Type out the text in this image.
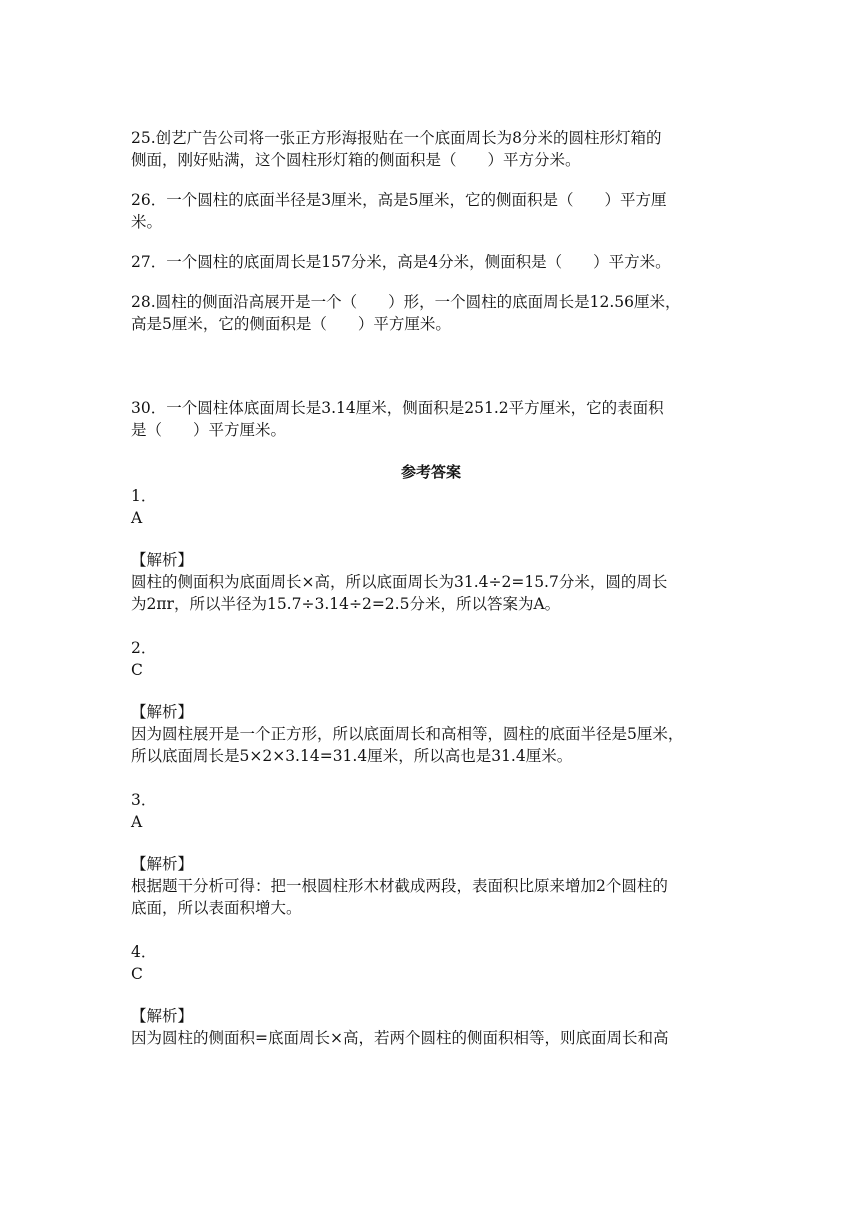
25.创艺广告公司将一张正方形海报贴在一个底面周长为8分米的圆柱形灯箱的
侧面，刚好贴满，这个圆柱形灯箱的侧面积是（　　）平方分米。
26．一个圆柱的底面半径是3厘米，高是5厘米，它的侧面积是（　　）平方厘
米。
27．一个圆柱的底面周长是157分米，高是4分米，侧面积是（　　）平方米。
28.圆柱的侧面沿高展开是一个（　　）形，一个圆柱的底面周长是12.56厘米，
高是5厘米，它的侧面积是（　　）平方厘米。
30．一个圆柱体底面周长是3.14厘米，侧面积是251.2平方厘米，它的表面积
是（　　）平方厘米。
参考答案
1．
A
【解析】
圆柱的侧面积为底面周长×高，所以底面周长为31.4÷2=15.7分米，圆的周长
为2πr，所以半径为15.7÷3.14÷2=2.5分米，所以答案为A。
2．
C
【解析】
因为圆柱展开是一个正方形，所以底面周长和高相等，圆柱的底面半径是5厘米，
所以底面周长是5×2×3.14=31.4厘米，所以高也是31.4厘米。
3．
A
【解析】
根据题干分析可得：把一根圆柱形木材截成两段，表面积比原来增加2个圆柱的
底面，所以表面积增大。
4．
C
【解析】
因为圆柱的侧面积=底面周长×高，若两个圆柱的侧面积相等，则底面周长和高
